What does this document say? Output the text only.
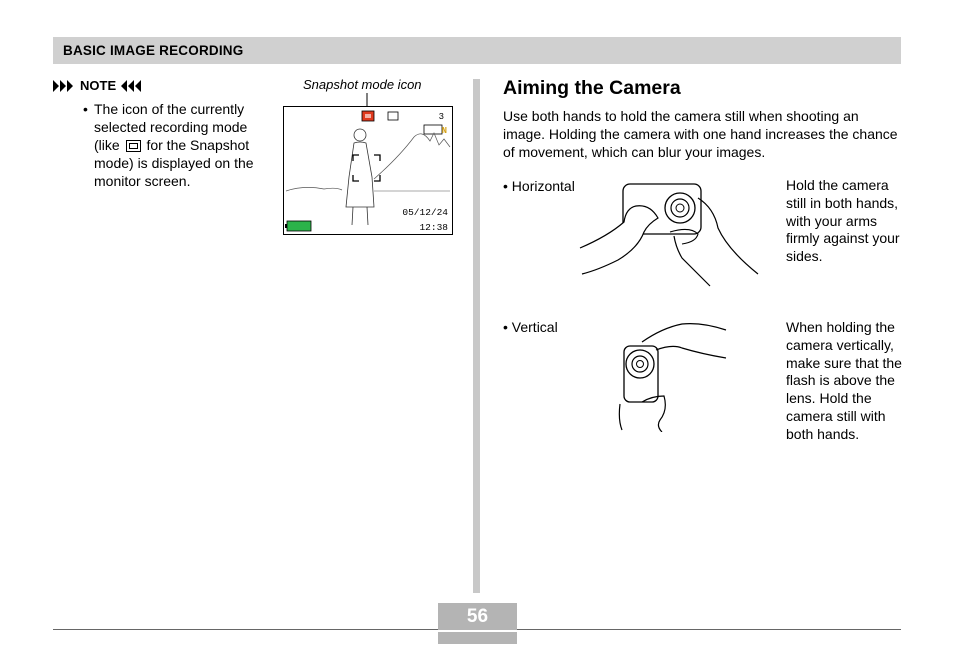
BASIC IMAGE RECORDING
NOTE
• The icon of the currently selected recording mode (like for the Snapshot mode) is displayed on the monitor screen.
Snapshot mode icon
3
N
05/12/24
12:38
Aiming the Camera
Use both hands to hold the camera still when shooting an image. Holding the camera with one hand increases the chance of movement, which can blur your images.
• Horizontal	Hold the camera still in both hands, with your arms firmly against your sides.
• Vertical	When holding the camera vertically, make sure that the flash is above the lens. Hold the camera still with both hands.
56
